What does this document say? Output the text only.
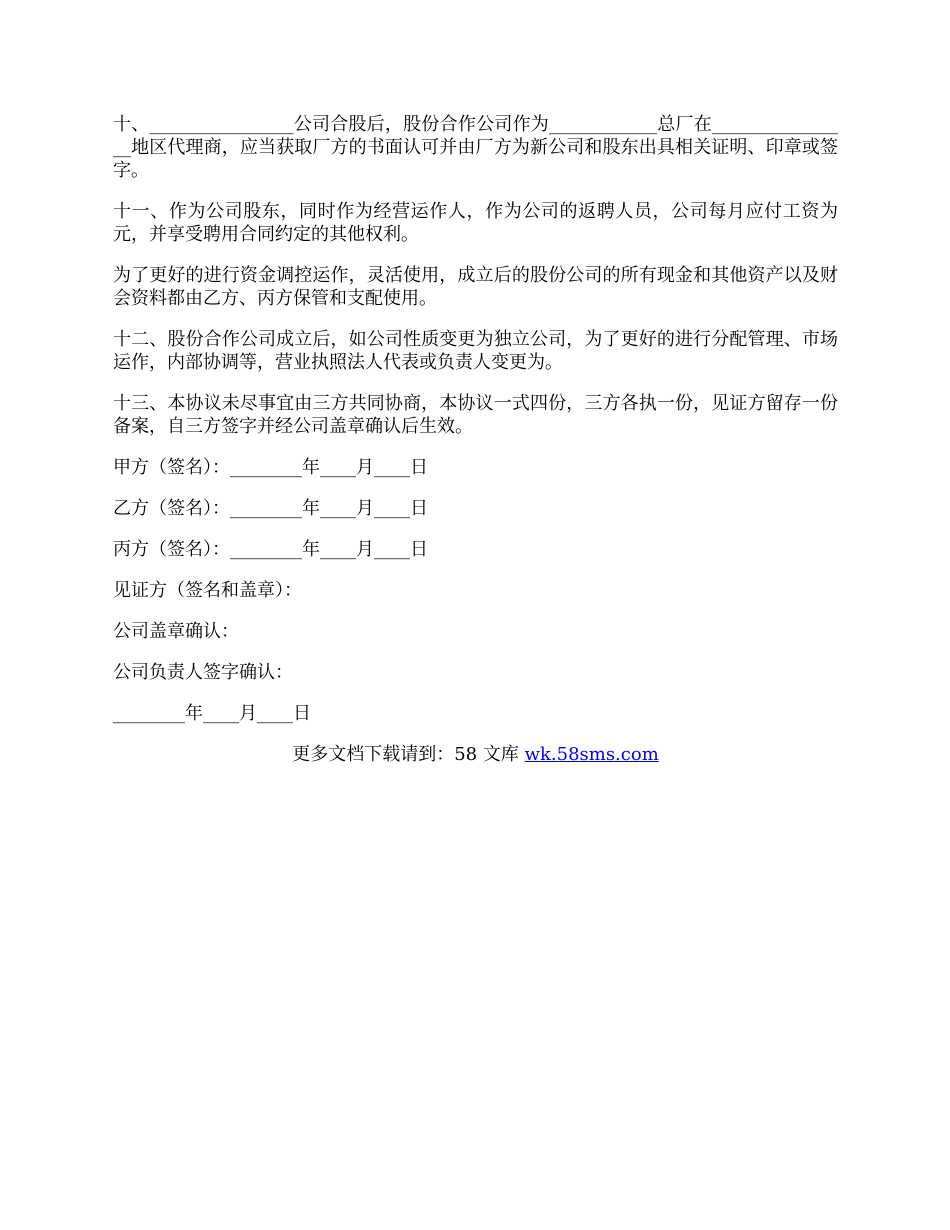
十、________________公司合股后，股份合作公司作为____________总厂在________________地区代理商，应当获取厂方的书面认可并由厂方为新公司和股东出具相关证明、印章或签字。

十一、作为公司股东，同时作为经营运作人，作为公司的返聘人员，公司每月应付工资为元，并享受聘用合同约定的其他权利。

为了更好的进行资金调控运作，灵活使用，成立后的股份公司的所有现金和其他资产以及财会资料都由乙方、丙方保管和支配使用。

十二、股份合作公司成立后，如公司性质变更为独立公司，为了更好的进行分配管理、市场运作，内部协调等，营业执照法人代表或负责人变更为。

十三、本协议未尽事宜由三方共同协商，本协议一式四份，三方各执一份，见证方留存一份备案，自三方签字并经公司盖章确认后生效。

甲方（签名）：________年____月____日
乙方（签名）：________年____月____日
丙方（签名）：________年____月____日
见证方（签名和盖章）：
公司盖章确认：
公司负责人签字确认：
________年____月____日
更多文档下载请到：58 文库 wk.58sms.com
